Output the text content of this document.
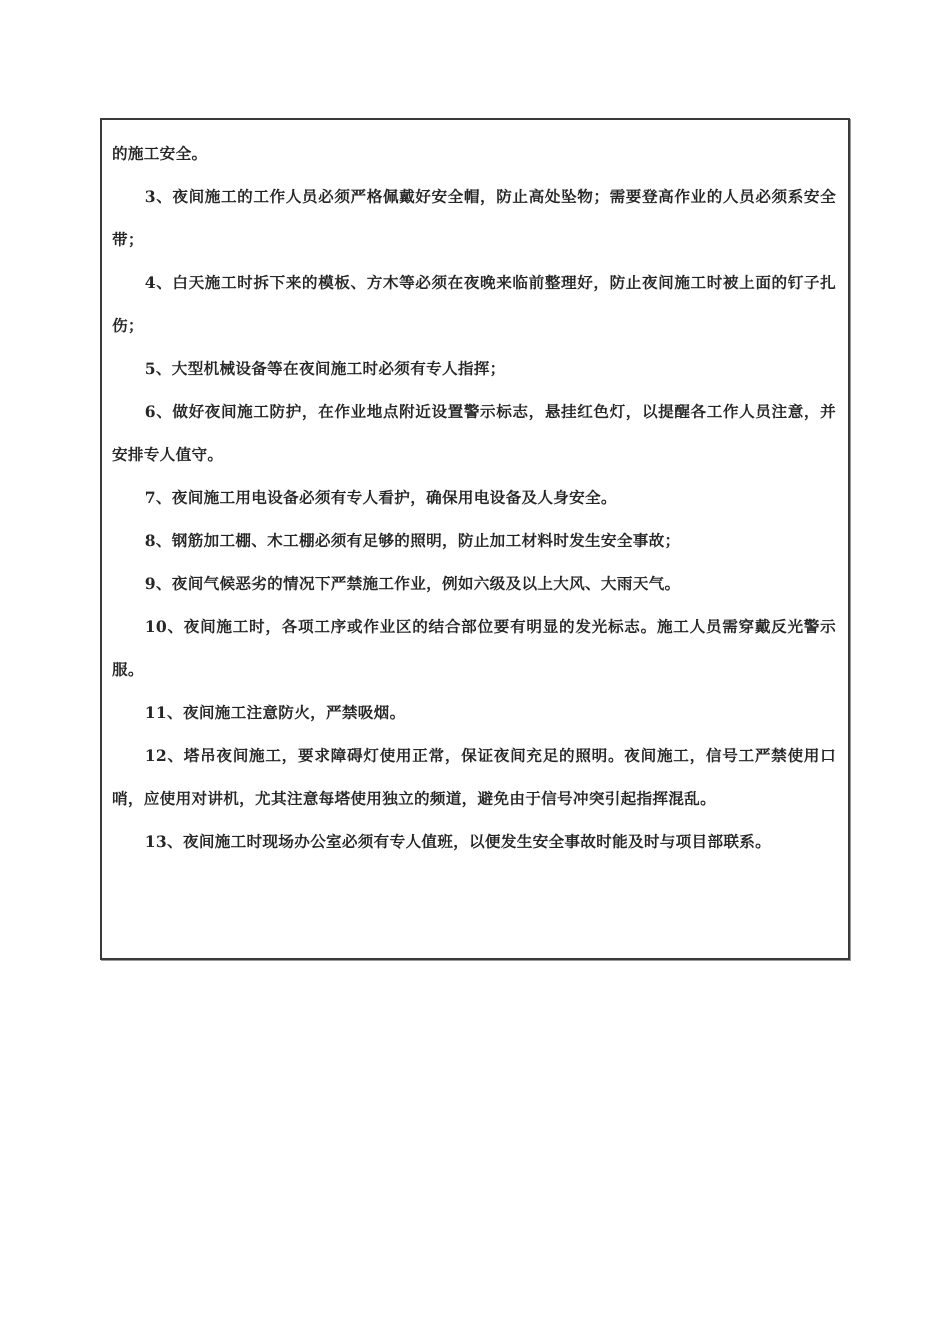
的施工安全。

3、夜间施工的工作人员必须严格佩戴好安全帽，防止高处坠物；需要登高作业的人员必须系安全带；

4、白天施工时拆下来的模板、方木等必须在夜晚来临前整理好，防止夜间施工时被上面的钉子扎伤；

5、大型机械设备等在夜间施工时必须有专人指挥；

6、做好夜间施工防护，在作业地点附近设置警示标志，悬挂红色灯，以提醒各工作人员注意，并安排专人值守。

7、夜间施工用电设备必须有专人看护，确保用电设备及人身安全。

8、钢筋加工棚、木工棚必须有足够的照明，防止加工材料时发生安全事故；

9、夜间气候恶劣的情况下严禁施工作业，例如六级及以上大风、大雨天气。

10、夜间施工时，各项工序或作业区的结合部位要有明显的发光标志。施工人员需穿戴反光警示服。

11、夜间施工注意防火，严禁吸烟。

12、塔吊夜间施工，要求障碍灯使用正常，保证夜间充足的照明。夜间施工，信号工严禁使用口哨，应使用对讲机，尤其注意每塔使用独立的频道，避免由于信号冲突引起指挥混乱。

13、夜间施工时现场办公室必须有专人值班，以便发生安全事故时能及时与项目部联系。
